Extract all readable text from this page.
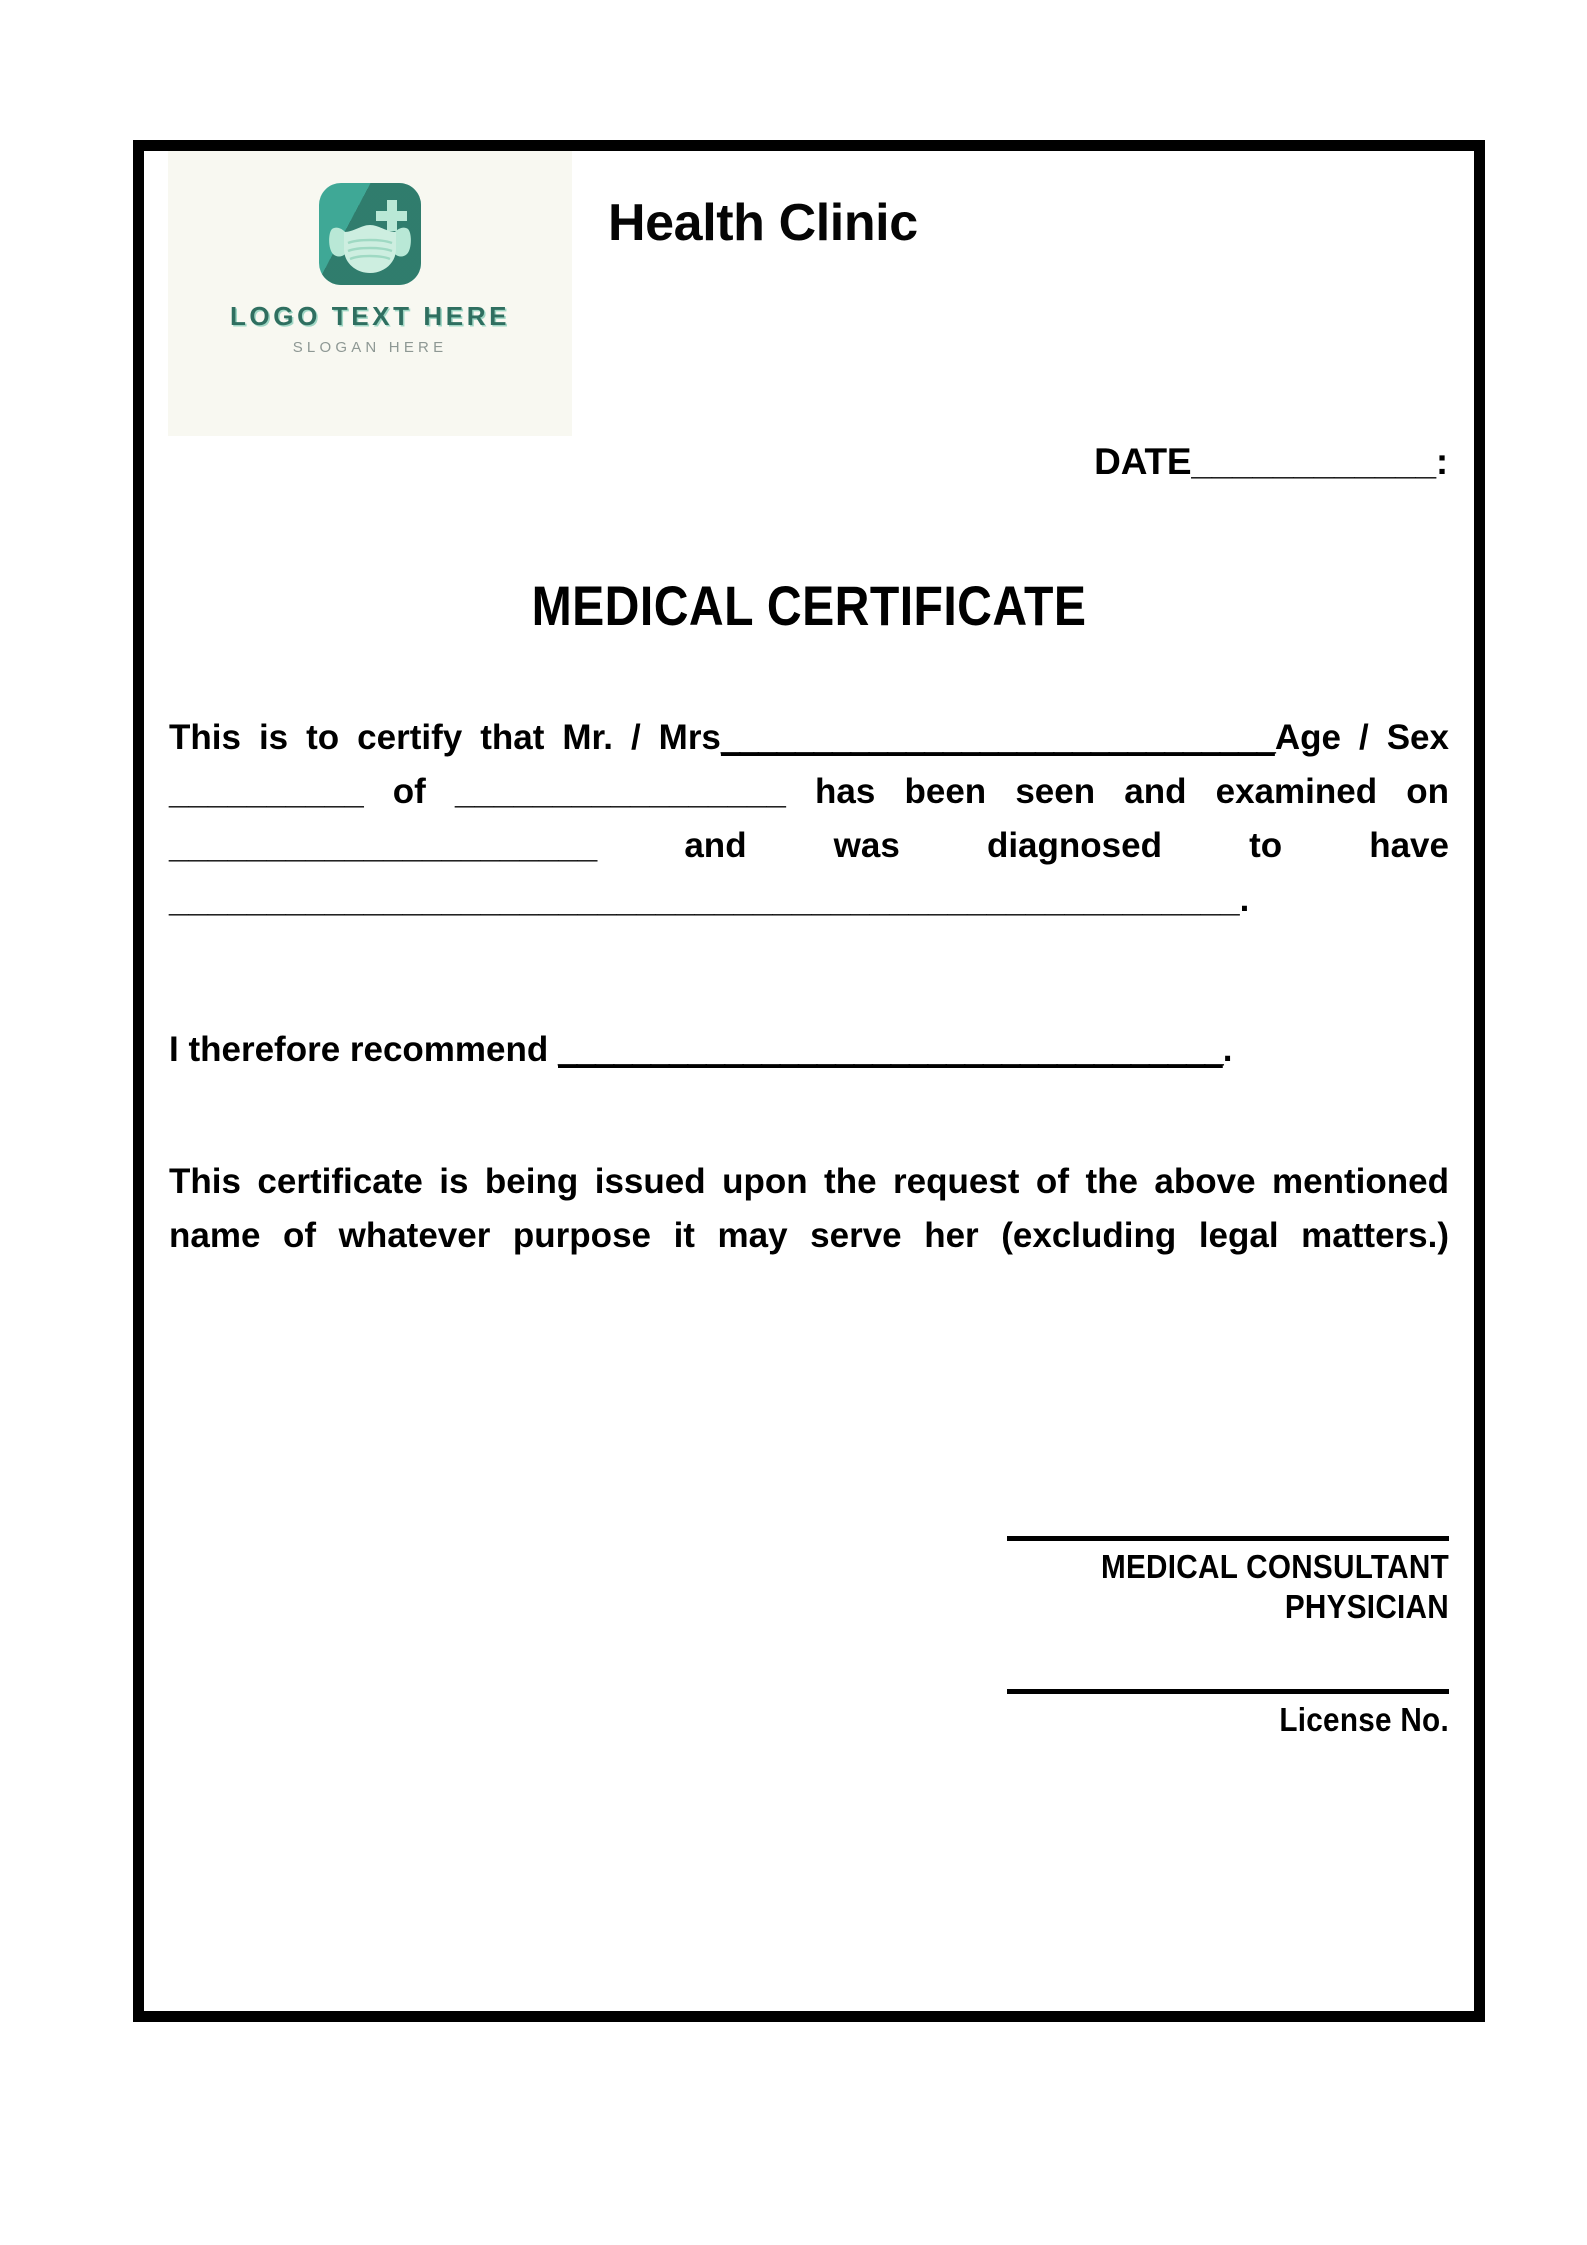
LOGO TEXT HERE
SLOGAN HERE
Health Clinic
DATE____________:
MEDICAL CERTIFICATE
This is to certify that Mr. / Mrs______________________________Age / Sex __________ of _________________ has been seen and examined on ______________________ and was diagnosed to have _______________________________________________________.
I therefore recommend ____________________________________.
This certificate is being issued upon the request of the above mentioned name of whatever purpose it may serve her (excluding legal matters.)
MEDICAL CONSULTANT
PHYSICIAN
License No.
